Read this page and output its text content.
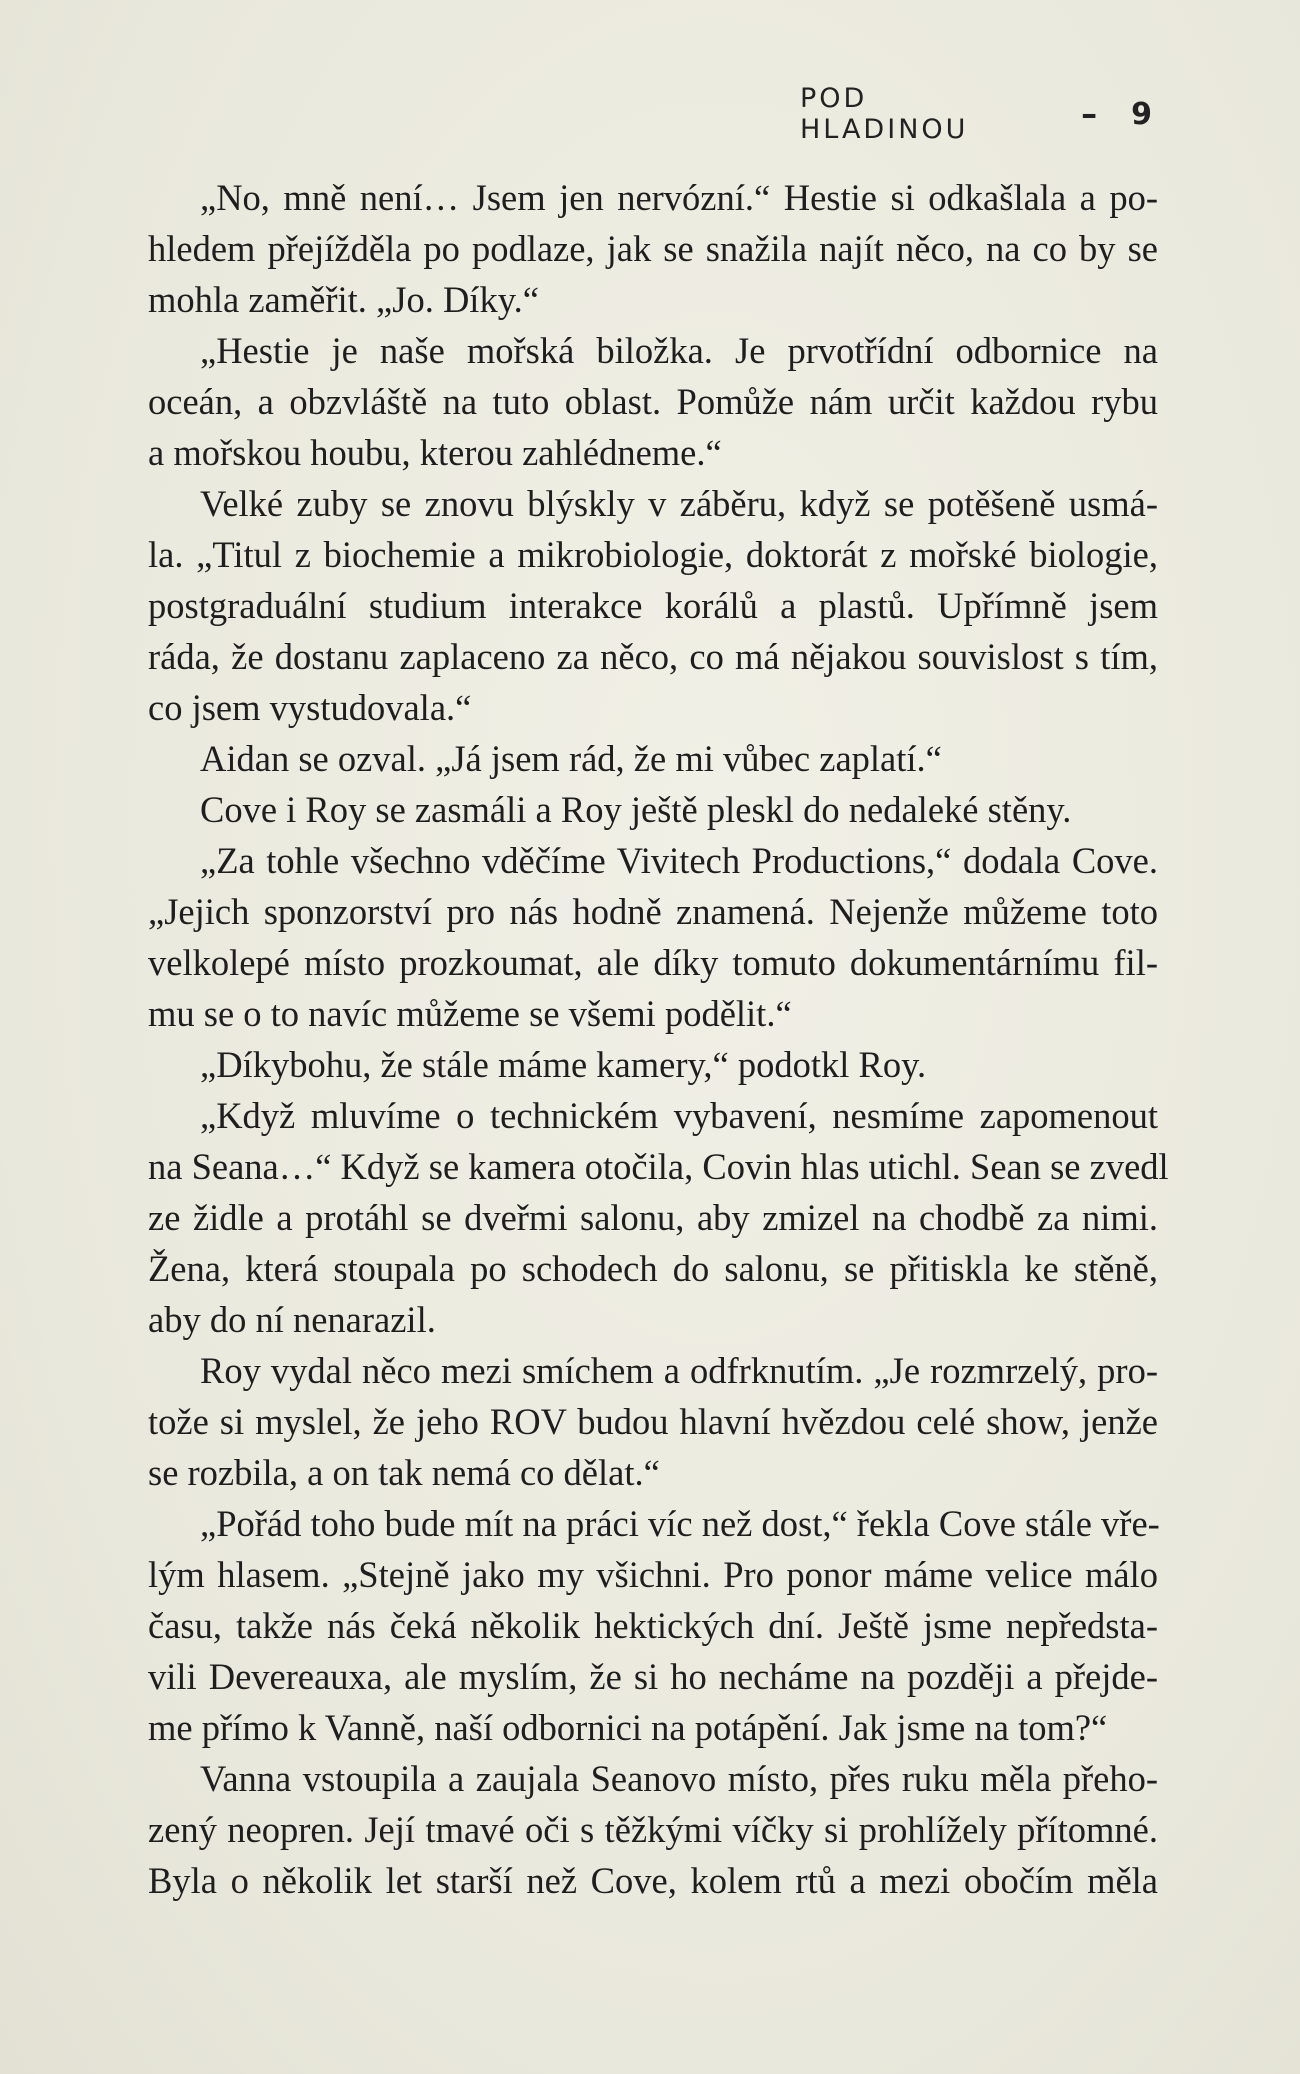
POD HLADINOU	– 9
„No, mně není… Jsem jen nervózní.“ Hestie si odkašlala a po-
hledem přejížděla po podlaze, jak se snažila najít něco, na co by se
mohla zaměřit. „Jo. Díky.“
„Hestie je naše mořská biložka. Je prvotřídní odbornice na
oceán, a obzvláště na tuto oblast. Pomůže nám určit každou rybu
a mořskou houbu, kterou zahlédneme.“
Velké zuby se znovu blýskly v záběru, když se potěšeně usmá-
la. „Titul z biochemie a mikrobiologie, doktorát z mořské biologie,
postgraduální studium interakce korálů a plastů. Upřímně jsem
ráda, že dostanu zaplaceno za něco, co má nějakou souvislost s tím,
co jsem vystudovala.“
Aidan se ozval. „Já jsem rád, že mi vůbec zaplatí.“
Cove i Roy se zasmáli a Roy ještě pleskl do nedaleké stěny.
„Za tohle všechno vděčíme Vivitech Productions,“ dodala Cove.
„Jejich sponzorství pro nás hodně znamená. Nejenže můžeme toto
velkolepé místo prozkoumat, ale díky tomuto dokumentárnímu fil-
mu se o to navíc můžeme se všemi podělit.“
„Díkybohu, že stále máme kamery,“ podotkl Roy.
„Když mluvíme o technickém vybavení, nesmíme zapomenout
na Seana…“ Když se kamera otočila, Covin hlas utichl. Sean se zvedl
ze židle a protáhl se dveřmi salonu, aby zmizel na chodbě za nimi.
Žena, která stoupala po schodech do salonu, se přitiskla ke stěně,
aby do ní nenarazil.
Roy vydal něco mezi smíchem a odfrknutím. „Je rozmrzelý, pro-
tože si myslel, že jeho ROV budou hlavní hvězdou celé show, jenže
se rozbila, a on tak nemá co dělat.“
„Pořád toho bude mít na práci víc než dost,“ řekla Cove stále vře-
lým hlasem. „Stejně jako my všichni. Pro ponor máme velice málo
času, takže nás čeká několik hektických dní. Ještě jsme nepředsta-
vili Devereauxa, ale myslím, že si ho necháme na později a přejde-
me přímo k Vanně, naší odbornici na potápění. Jak jsme na tom?“
Vanna vstoupila a zaujala Seanovo místo, přes ruku měla přeho-
zený neopren. Její tmavé oči s těžkými víčky si prohlížely přítomné.
Byla o několik let starší než Cove, kolem rtů a mezi obočím měla
